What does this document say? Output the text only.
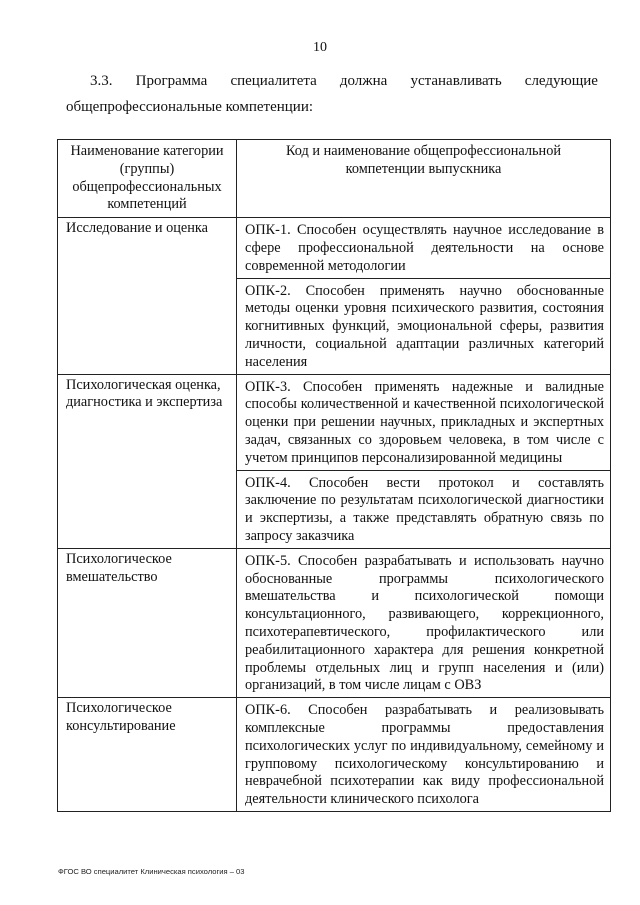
10
3.3. Программа специалитета должна устанавливать следующие
общепрофессиональные компетенции:
Наименование категории (группы) общепрофессиональных компетенций	Код и наименование общепрофессиональной компетенции выпускника
Исследование и оценка	ОПК-1. Способен осуществлять научное исследование в сфере профессиональной деятельности на основе современной методологии
	ОПК-2. Способен применять научно обоснованные методы оценки уровня психического развития, состояния когнитивных функций, эмоциональной сферы, развития личности, социальной адаптации различных категорий населения
Психологическая оценка, диагностика и экспертиза	ОПК-3. Способен применять надежные и валидные способы количественной и качественной психологической оценки при решении научных, прикладных и экспертных задач, связанных со здоровьем человека, в том числе с учетом принципов персонализированной медицины
	ОПК-4. Способен вести протокол и составлять заключение по результатам психологической диагностики и экспертизы, а также представлять обратную связь по запросу заказчика
Психологическое вмешательство	ОПК-5. Способен разрабатывать и использовать научно обоснованные программы психологического вмешательства и психологической помощи консультационного, развивающего, коррекционного, психотерапевтического, профилактического или реабилитационного характера для решения конкретной проблемы отдельных лиц и групп населения и (или) организаций, в том числе лицам с ОВЗ
Психологическое консультирование	ОПК-6. Способен разрабатывать и реализовывать комплексные программы предоставления психологических услуг по индивидуальному, семейному и групповому психологическому консультированию и неврачебной психотерапии как виду профессиональной деятельности клинического психолога
ФГОС ВО специалитет Клиническая психология – 03
